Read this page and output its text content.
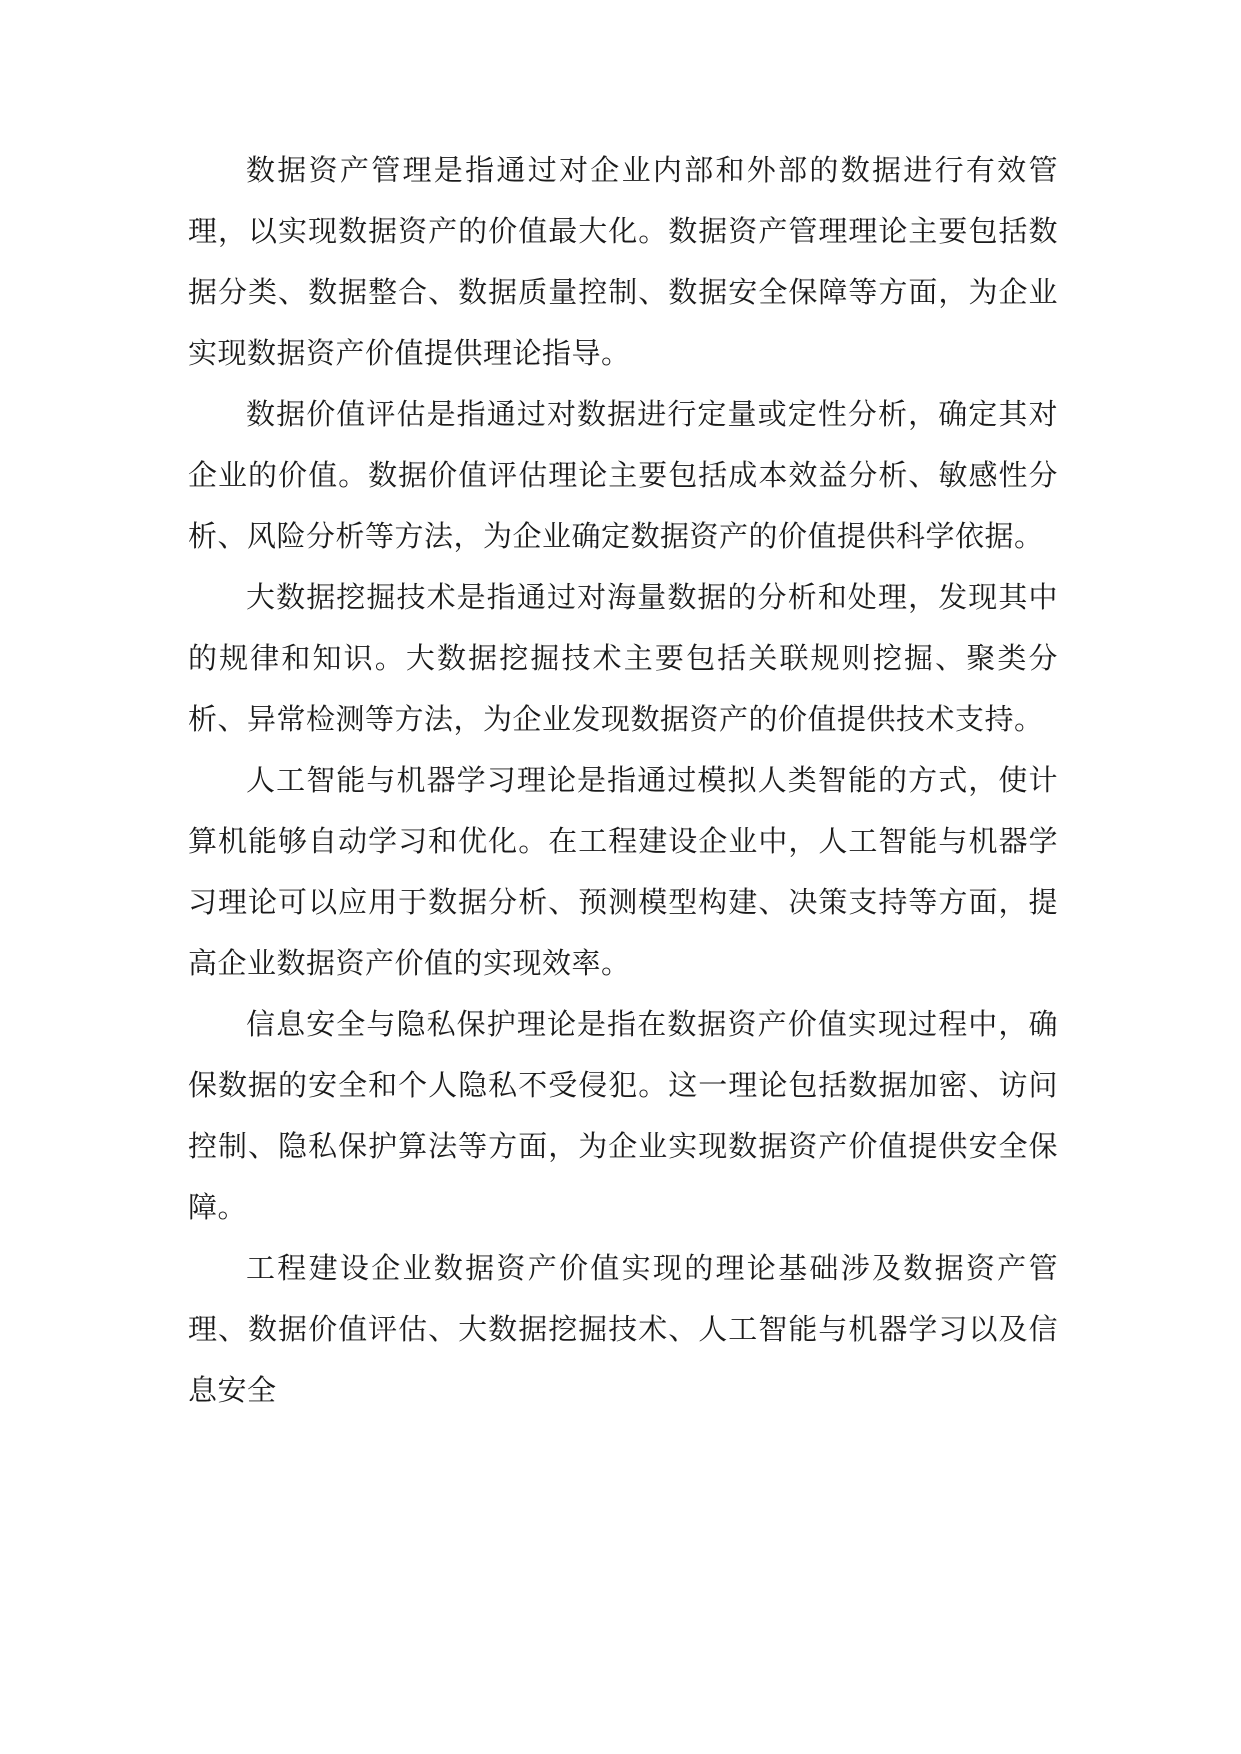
数据资产管理是指通过对企业内部和外部的数据进行有效管理，以实现数据资产的价值最大化。数据资产管理理论主要包括数据分类、数据整合、数据质量控制、数据安全保障等方面，为企业实现数据资产价值提供理论指导。

数据价值评估是指通过对数据进行定量或定性分析，确定其对企业的价值。数据价值评估理论主要包括成本效益分析、敏感性分析、风险分析等方法，为企业确定数据资产的价值提供科学依据。

大数据挖掘技术是指通过对海量数据的分析和处理，发现其中的规律和知识。大数据挖掘技术主要包括关联规则挖掘、聚类分析、异常检测等方法，为企业发现数据资产的价值提供技术支持。

人工智能与机器学习理论是指通过模拟人类智能的方式，使计算机能够自动学习和优化。在工程建设企业中，人工智能与机器学习理论可以应用于数据分析、预测模型构建、决策支持等方面，提高企业数据资产价值的实现效率。

信息安全与隐私保护理论是指在数据资产价值实现过程中，确保数据的安全和个人隐私不受侵犯。这一理论包括数据加密、访问控制、隐私保护算法等方面，为企业实现数据资产价值提供安全保障。

工程建设企业数据资产价值实现的理论基础涉及数据资产管理、数据价值评估、大数据挖掘技术、人工智能与机器学习以及信息安全
